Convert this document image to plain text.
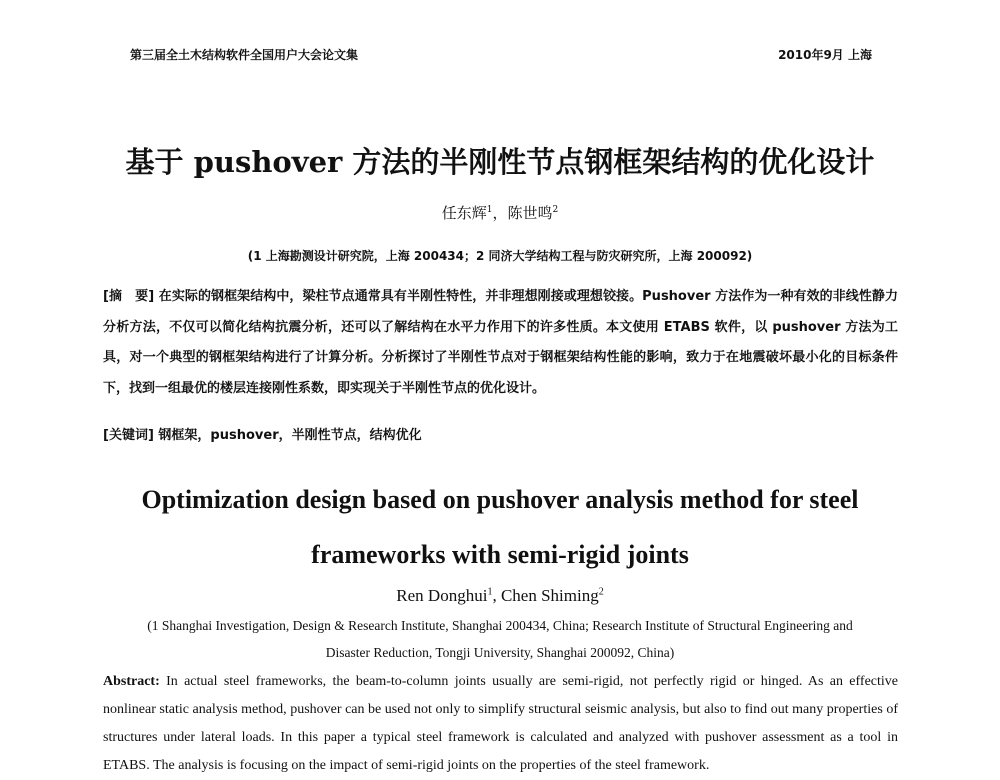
第三届全土木结构软件全国用户大会论文集	2010年9月 上海
基于 pushover 方法的半刚性节点钢框架结构的优化设计
任东辉$^1$，陈世鸣$^2$
(1 上海勘测设计研究院，上海 200434；2 同济大学结构工程与防灾研究所，上海 200092)
[摘　要] 在实际的钢框架结构中，梁柱节点通常具有半刚性特性，并非理想刚接或理想铰接。Pushover 方法作为一种有效的非线性静力分析方法，不仅可以简化结构抗震分析，还可以了解结构在水平力作用下的许多性质。本文使用 ETABS 软件，以 pushover 方法为工具，对一个典型的钢框架结构进行了计算分析。分析探讨了半刚性节点对于钢框架结构性能的影响，致力于在地震破坏最小化的目标条件下，找到一组最优的楼层连接刚性系数，即实现关于半刚性节点的优化设计。
[关键词] 钢框架，pushover，半刚性节点，结构优化
Optimization design based on pushover analysis method for steel
frameworks with semi-rigid joints
Ren Donghui$^1$, Chen Shiming$^2$
(1 Shanghai Investigation, Design & Research Institute, Shanghai 200434, China; Research Institute of Structural Engineering and
Disaster Reduction, Tongji University, Shanghai 200092, China)
Abstract: In actual steel frameworks, the beam-to-column joints usually are semi-rigid, not perfectly rigid or hinged. As an effective nonlinear static analysis method, pushover can be used not only to simplify structural seismic analysis, but also to find out many properties of structures under lateral loads. In this paper a typical steel framework is calculated and analyzed with pushover assessment as a tool in ETABS. The analysis is focusing on the impact of semi-rigid joints on the properties of the steel framework.
